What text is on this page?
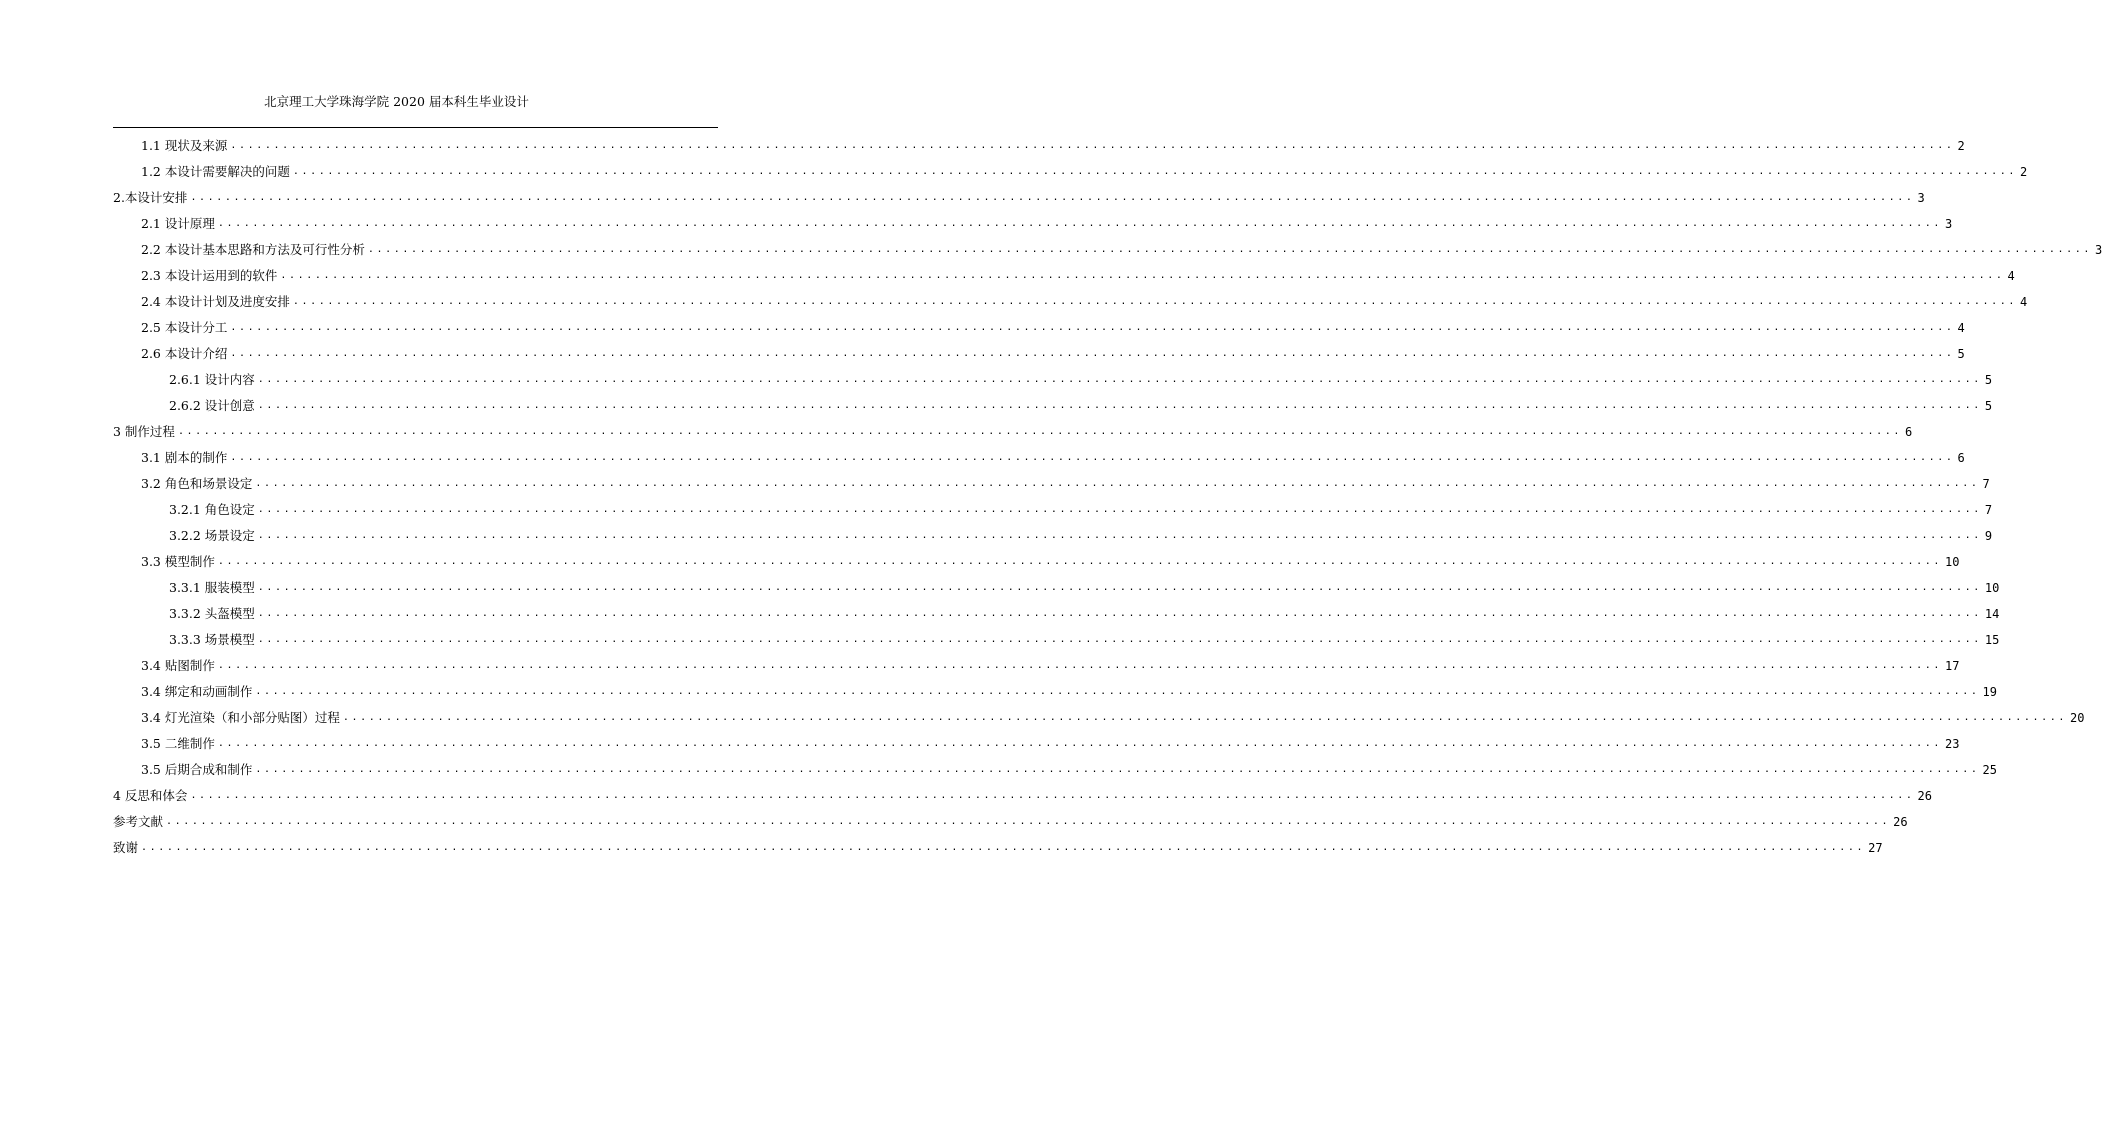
北京理工大学珠海学院 2020 届本科生毕业设计
1.1 现状及来源 ........................................................................................................................................................................................................ 2
1.2 本设计需要解决的问题 ........................................................................................................................................................................................................ 2
2.本设计安排 ........................................................................................................................................................................................................ 3
2.1 设计原理 ........................................................................................................................................................................................................ 3
2.2 本设计基本思路和方法及可行性分析 ........................................................................................................................................................................................................ 3
2.3 本设计运用到的软件 ........................................................................................................................................................................................................ 4
2.4 本设计计划及进度安排 ........................................................................................................................................................................................................ 4
2.5 本设计分工 ........................................................................................................................................................................................................ 4
2.6 本设计介绍 ........................................................................................................................................................................................................ 5
2.6.1 设计内容 ........................................................................................................................................................................................................ 5
2.6.2 设计创意 ........................................................................................................................................................................................................ 5
3 制作过程 ........................................................................................................................................................................................................ 6
3.1 剧本的制作 ........................................................................................................................................................................................................ 6
3.2 角色和场景设定 ........................................................................................................................................................................................................ 7
3.2.1 角色设定 ........................................................................................................................................................................................................ 7
3.2.2 场景设定 ........................................................................................................................................................................................................ 9
3.3 模型制作 ........................................................................................................................................................................................................ 10
3.3.1 服装模型 ........................................................................................................................................................................................................ 10
3.3.2 头盔模型 ........................................................................................................................................................................................................ 14
3.3.3 场景模型 ........................................................................................................................................................................................................ 15
3.4 贴图制作 ........................................................................................................................................................................................................ 17
3.4 绑定和动画制作 ........................................................................................................................................................................................................ 19
3.4 灯光渲染（和小部分贴图）过程 ........................................................................................................................................................................................................ 20
3.5 二维制作 ........................................................................................................................................................................................................ 23
3.5 后期合成和制作 ........................................................................................................................................................................................................ 25
4 反思和体会 ........................................................................................................................................................................................................ 26
参考文献 ........................................................................................................................................................................................................ 26
致谢 ........................................................................................................................................................................................................ 27
